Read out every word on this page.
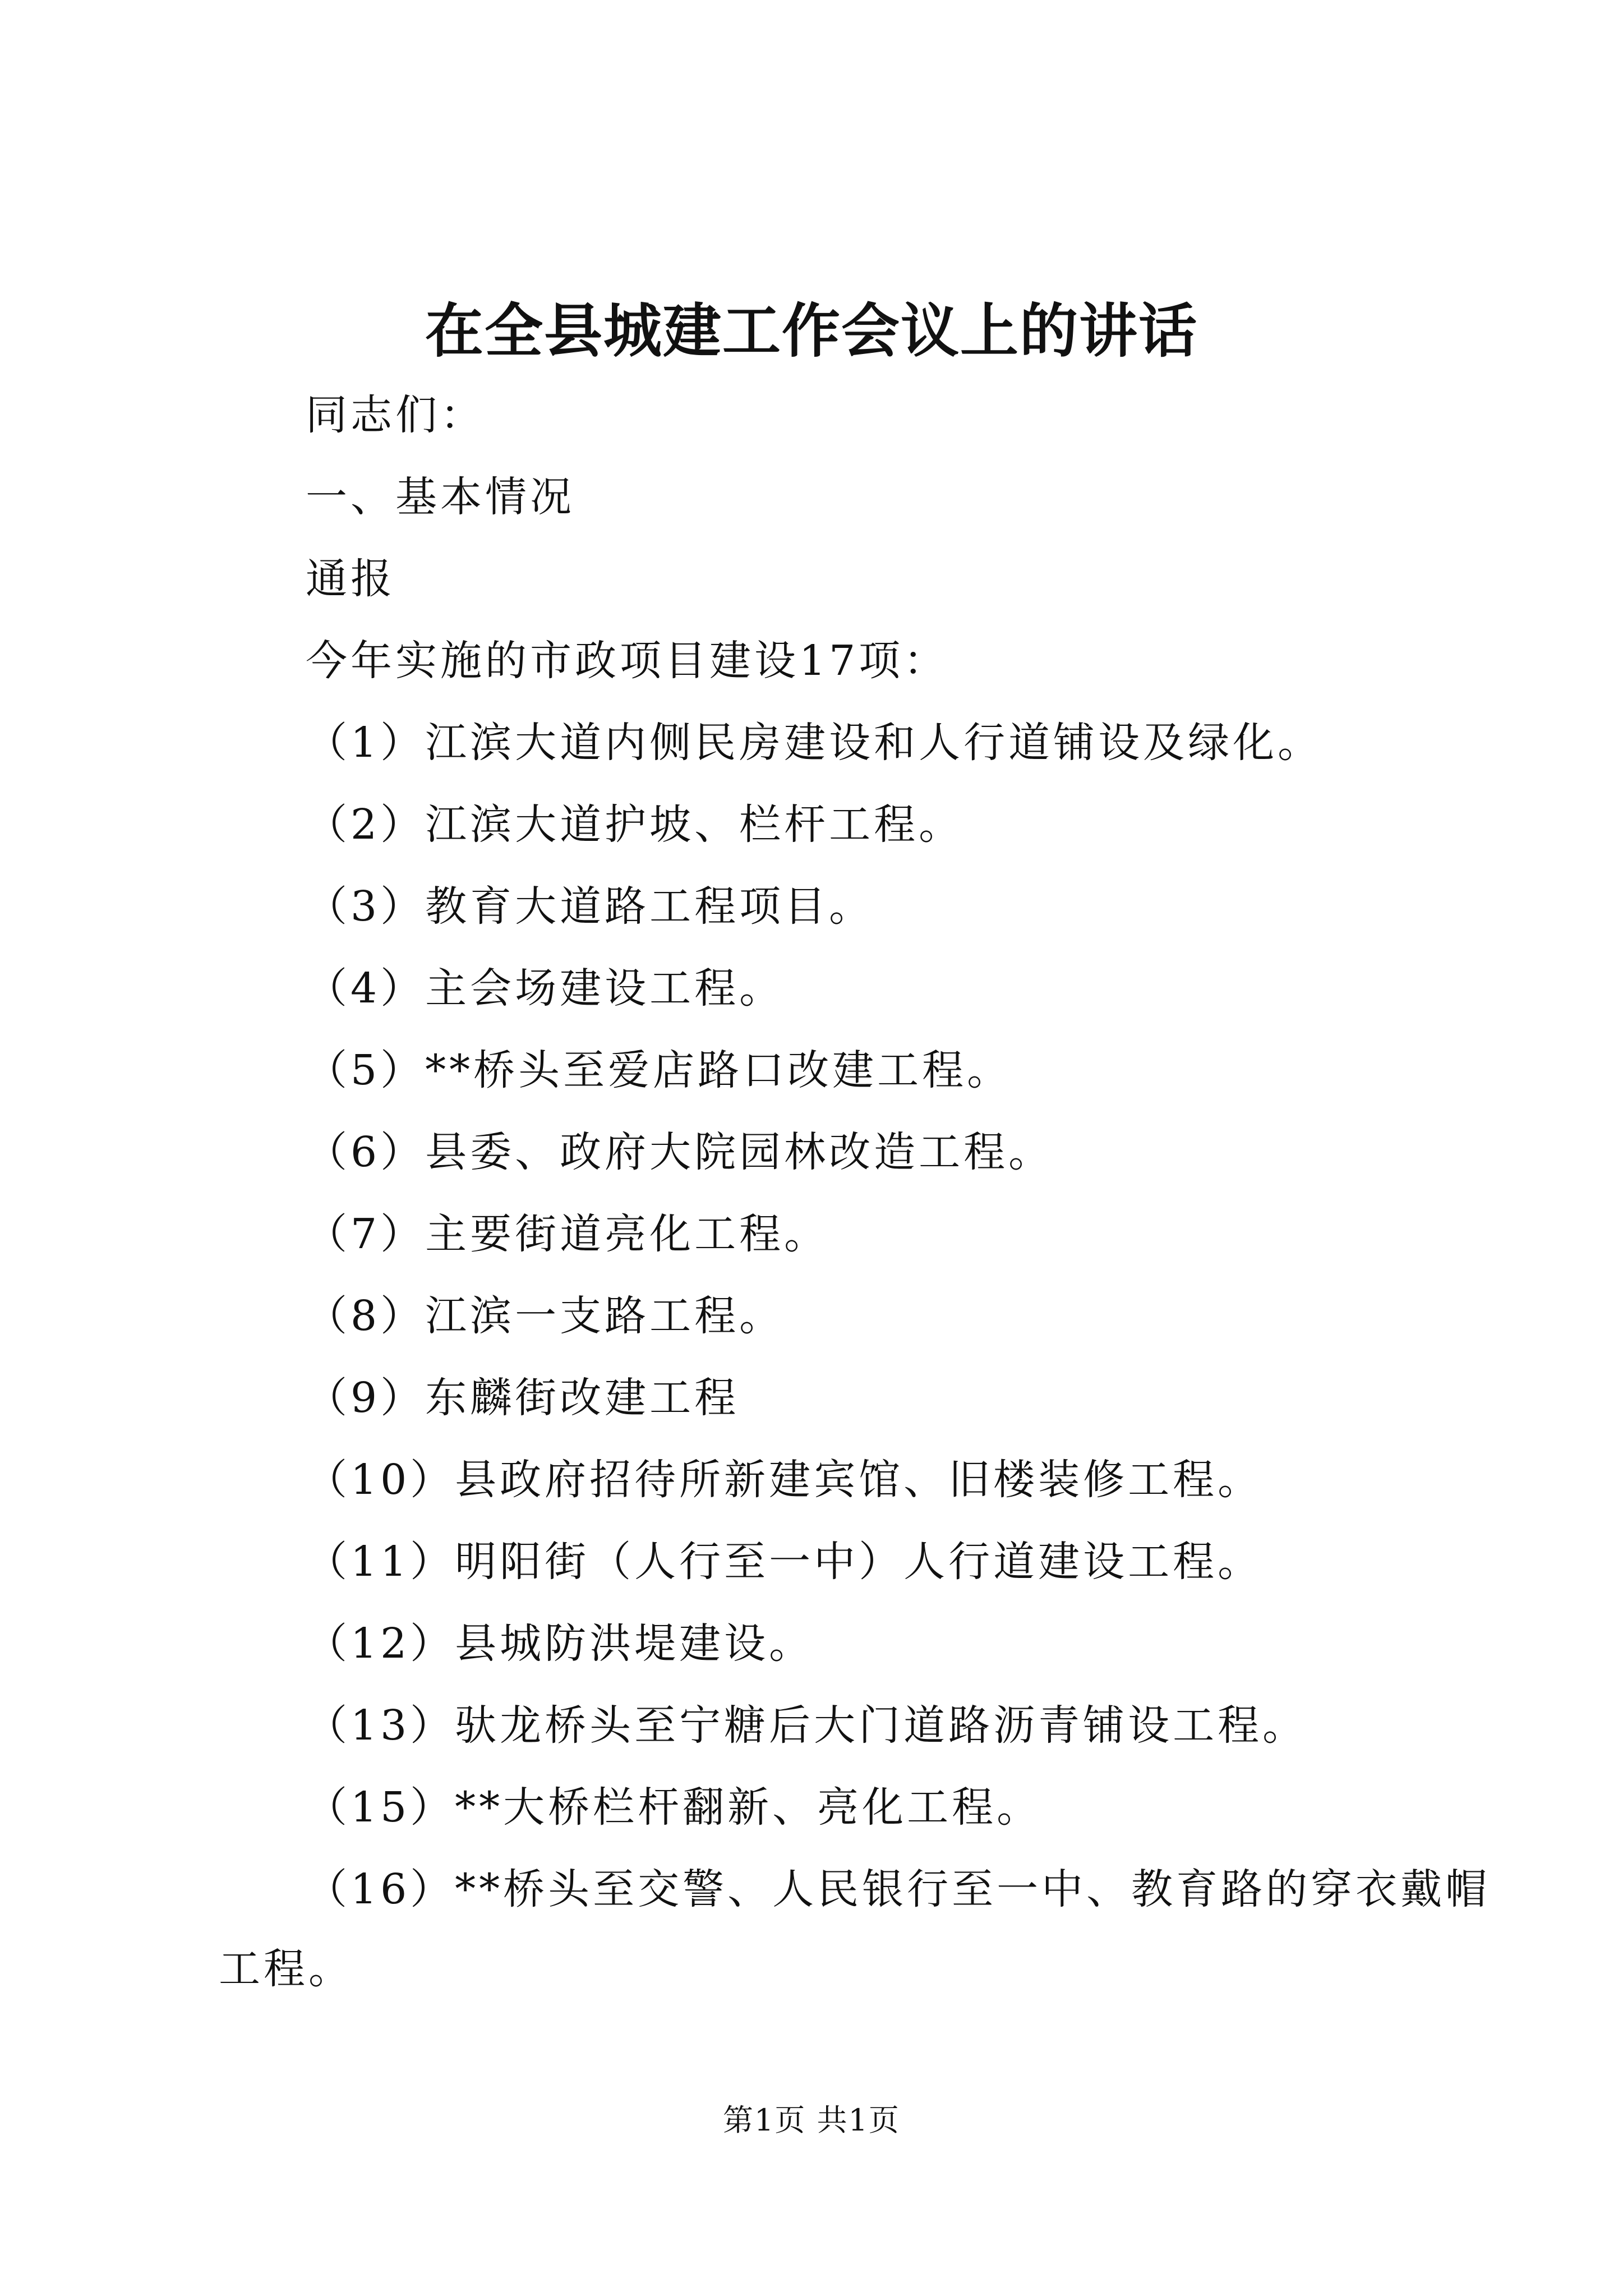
在全县城建工作会议上的讲话
同志们：
一、基本情况
通报
今年实施的市政项目建设17项：
（1）江滨大道内侧民房建设和人行道铺设及绿化。
（2）江滨大道护坡、栏杆工程。
（3）教育大道路工程项目。
（4）主会场建设工程。
（5）**桥头至爱店路口改建工程。
（6）县委、政府大院园林改造工程。
（7）主要街道亮化工程。
（8）江滨一支路工程。
（9）东麟街改建工程
（10）县政府招待所新建宾馆、旧楼装修工程。
（11）明阳街（人行至一中）人行道建设工程。
（12）县城防洪堤建设。
（13）驮龙桥头至宁糖后大门道路沥青铺设工程。
（15）**大桥栏杆翻新、亮化工程。
（16）**桥头至交警、人民银行至一中、教育路的穿衣戴帽
工程。
第1页 共1页
